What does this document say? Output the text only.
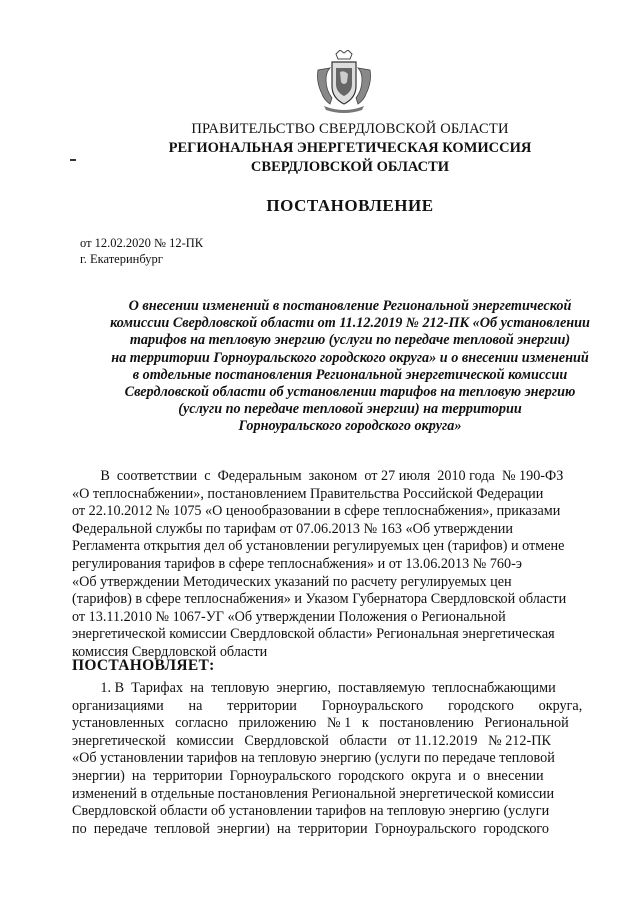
ПРАВИТЕЛЬСТВО СВЕРДЛОВСКОЙ ОБЛАСТИ
РЕГИОНАЛЬНАЯ ЭНЕРГЕТИЧЕСКАЯ КОМИССИЯ
СВЕРДЛОВСКОЙ ОБЛАСТИ
ПОСТАНОВЛЕНИЕ
от 12.02.2020 № 12-ПК
г. Екатеринбург
О внесении изменений в постановление Региональной энергетической
комиссии Свердловской области от 11.12.2019 № 212-ПК «Об установлении
тарифов на тепловую энергию (услуги по передаче тепловой энергии)
на территории Горноуральского городского округа» и о внесении изменений
в отдельные постановления Региональной энергетической комиссии
Свердловской области об установлении тарифов на тепловую энергию
(услуги по передаче тепловой энергии) на территории
Горноуральского городского округа»
В  соответствии  с  Федеральным  законом  от 27 июля  2010 года  № 190-ФЗ
«О теплоснабжении», постановлением Правительства Российской Федерации
от 22.10.2012 № 1075 «О ценообразовании в сфере теплоснабжения», приказами
Федеральной службы по тарифам от 07.06.2013 № 163 «Об утверждении
Регламента открытия дел об установлении регулируемых цен (тарифов) и отмене
регулирования тарифов в сфере теплоснабжения» и от 13.06.2013 № 760-э
«Об утверждении Методических указаний по расчету регулируемых цен
(тарифов) в сфере теплоснабжения» и Указом Губернатора Свердловской области
от 13.11.2010 № 1067-УГ «Об утверждении Положения о Региональной
энергетической комиссии Свердловской области» Региональная энергетическая
комиссия Свердловской области
ПОСТАНОВЛЯЕТ:
1. В  Тарифах  на  тепловую  энергию,  поставляемую  теплоснабжающими
организациями       на       территории       Горноуральского       городского       округа,
установленных   согласно   приложению   № 1   к   постановлению   Региональной
энергетической   комиссии   Свердловской   области   от 11.12.2019   № 212-ПК
«Об установлении тарифов на тепловую энергию (услуги по передаче тепловой
энергии)  на  территории  Горноуральского  городского  округа  и  о  внесении
изменений в отдельные постановления Региональной энергетической комиссии
Свердловской области об установлении тарифов на тепловую энергию (услуги
по  передаче  тепловой  энергии)  на  территории  Горноуральского  городского
